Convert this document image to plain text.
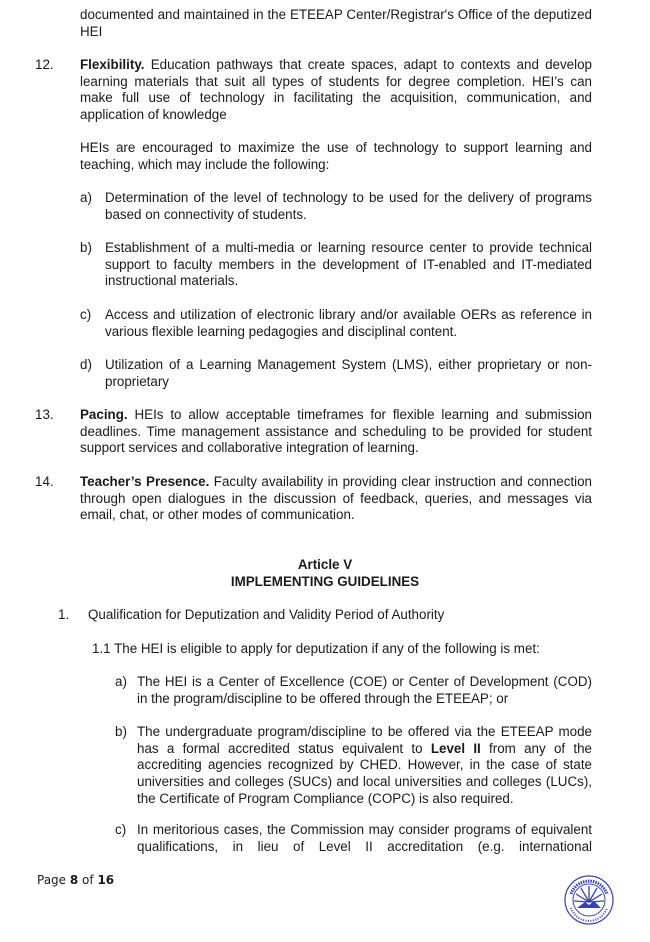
documented and maintained in the ETEEAP Center/Registrar's Office of the deputized HEI
12. Flexibility. Education pathways that create spaces, adapt to contexts and develop learning materials that suit all types of students for degree completion. HEI’s can make full use of technology in facilitating the acquisition, communication, and application of knowledge
HEIs are encouraged to maximize the use of technology to support learning and teaching, which may include the following:
a) Determination of the level of technology to be used for the delivery of programs based on connectivity of students.
b) Establishment of a multi-media or learning resource center to provide technical support to faculty members in the development of IT-enabled and IT-mediated instructional materials.
c) Access and utilization of electronic library and/or available OERs as reference in various flexible learning pedagogies and disciplinal content.
d) Utilization of a Learning Management System (LMS), either proprietary or non-proprietary
13. Pacing. HEIs to allow acceptable timeframes for flexible learning and submission deadlines. Time management assistance and scheduling to be provided for student support services and collaborative integration of learning.
14. Teacher’s Presence. Faculty availability in providing clear instruction and connection through open dialogues in the discussion of feedback, queries, and messages via email, chat, or other modes of communication.
Article V
IMPLEMENTING GUIDELINES
1. Qualification for Deputization and Validity Period of Authority
1.1 The HEI is eligible to apply for deputization if any of the following is met:
a) The HEI is a Center of Excellence (COE) or Center of Development (COD) in the program/discipline to be offered through the ETEEAP; or
b) The undergraduate program/discipline to be offered via the ETEEAP mode has a formal accredited status equivalent to Level II from any of the accrediting agencies recognized by CHED. However, in the case of state universities and colleges (SUCs) and local universities and colleges (LUCs), the Certificate of Program Compliance (COPC) is also required.
c) In meritorious cases, the Commission may consider programs of equivalent qualifications, in lieu of Level II accreditation (e.g. international
Page 8 of 16
